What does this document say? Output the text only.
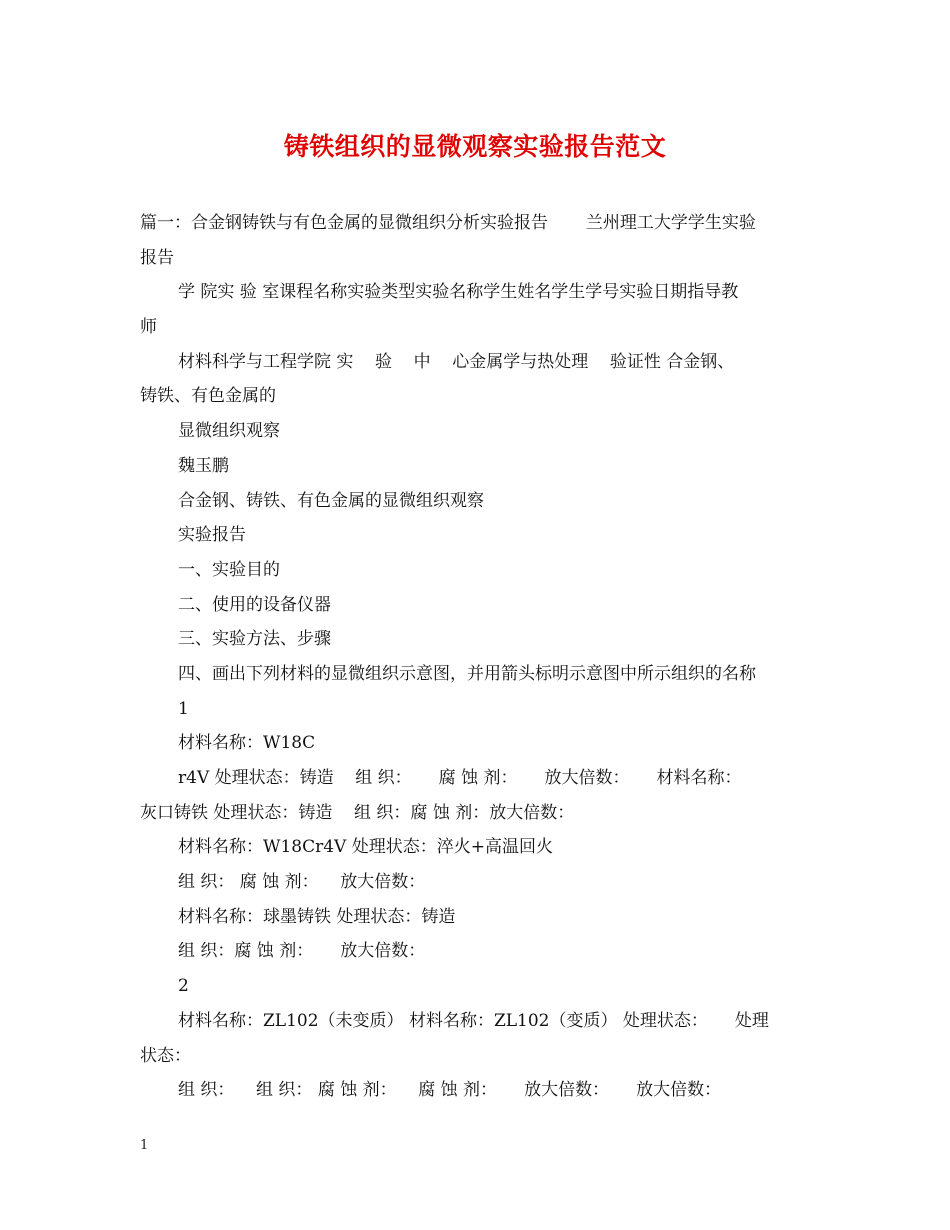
铸铁组织的显微观察实验报告范文
篇一：合金钢铸铁与有色金属的显微组织分析实验报告       兰州理工大学学生实验
报告
学 院实 验 室课程名称实验类型实验名称学生姓名学生学号实验日期指导教
师
材料科学与工程学院 实    验    中    心金属学与热处理    验证性 合金钢、
铸铁、有色金属的
显微组织观察
魏玉鹏
合金钢、铸铁、有色金属的显微组织观察
实验报告
一、实验目的
二、使用的设备仪器
三、实验方法、步骤
四、画出下列材料的显微组织示意图，并用箭头标明示意图中所示组织的名称
1
材料名称：W18C
r4V 处理状态：铸造    组 织：     腐 蚀 剂：     放大倍数：     材料名称：
灰口铸铁 处理状态：铸造    组 织：腐 蚀 剂：放大倍数：
材料名称：W18Cr4V 处理状态：淬火+高温回火
组 织： 腐 蚀 剂：    放大倍数：
材料名称：球墨铸铁 处理状态：铸造
组 织：腐 蚀 剂：     放大倍数：
2
材料名称：ZL102（未变质） 材料名称：ZL102（变质） 处理状态：     处理
状态：
组 织：    组 织： 腐 蚀 剂：    腐 蚀 剂：     放大倍数：     放大倍数：
1
